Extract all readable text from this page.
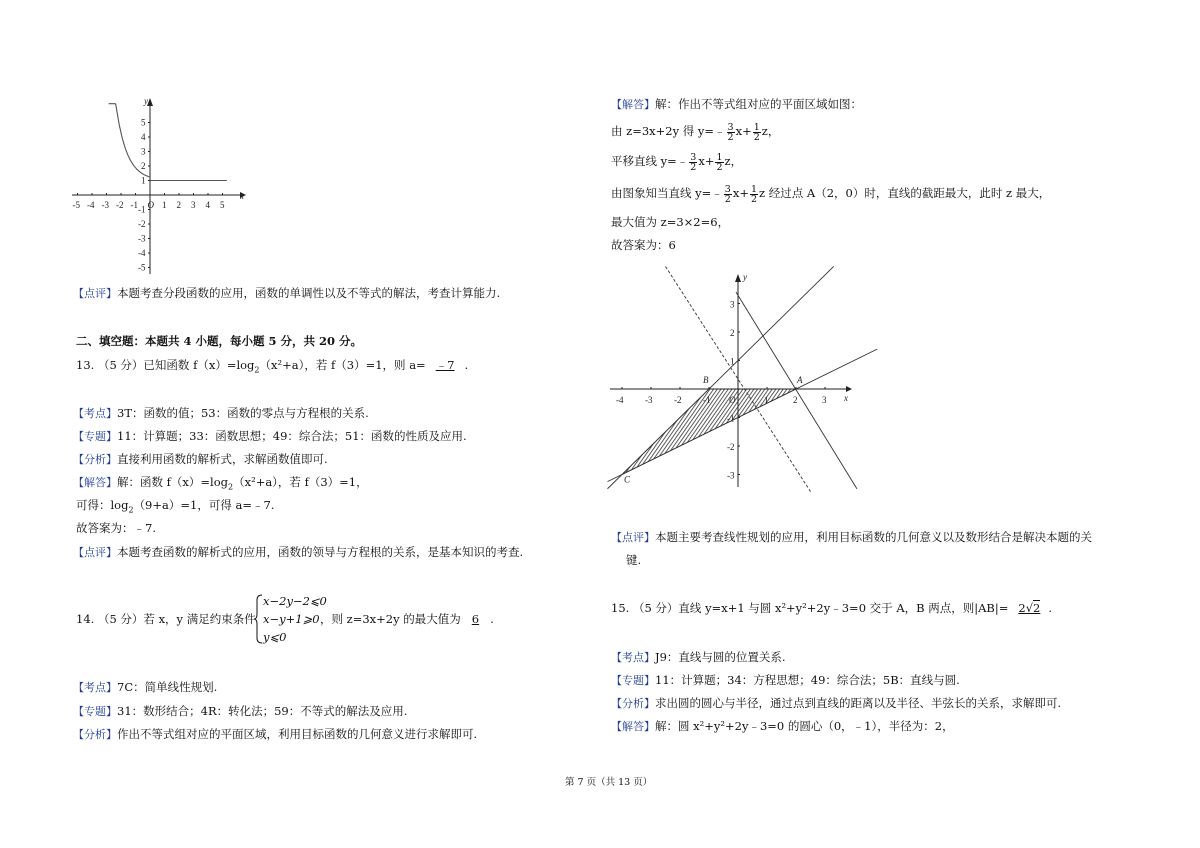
x
y
-5 -4 -3 -2 -1 O 1 2 3 4 5
5
4
3
2
1
-1
-2
-3
-4
-5
【点评】本题考查分段函数的应用，函数的单调性以及不等式的解法，考查计算能力.
二、填空题：本题共 4 小题，每小题 5 分，共 20 分。
13. （5 分）已知函数 $f(x)=\log_2(x^2+a)$，若 f（3）=1，则 a= ﹣7 .
【考点】3T：函数的值；53：函数的零点与方程根的关系.
【专题】11：计算题；33：函数思想；49：综合法；51：函数的性质及应用.
【分析】直接利用函数的解析式，求解函数值即可.
【解答】解：函数 $f(x)=\log_2(x^2+a)$，若 f（3）=1，
可得：$\log_2(9+a)=1$，可得 a=﹣7.
故答案为：﹣7.
【点评】本题考查函数的解析式的应用，函数的领导与方程根的关系，是基本知识的考查.
14. （5 分）若 x，y 满足约束条件
x−2y−2⩽0
x−y+1⩾0
y⩽0
，则 z=3x+2y 的最大值为 6 .
【考点】7C：简单线性规划.
【专题】31：数形结合；4R：转化法；59：不等式的解法及应用.
【分析】作出不等式组对应的平面区域，利用目标函数的几何意义进行求解即可.
【解答】解：作出不等式组对应的平面区域如图：
由 z=3x+2y 得 y=﹣ $\frac{3}{2} x+ \frac{1}{2}$ z，
平移直线 y=﹣ $\frac{3}{2} x+ \frac{1}{2}$ z，
由图象知当直线 y=﹣ $\frac{3}{2} x+ \frac{1}{2}$ z 经过点 A（2，0）时，直线的截距最大，此时 z 最大，
最大值为 z=3×2=6，
故答案为：6
x
y
-4 -3 -2 -1 O	1	2	3
3
2
1
-1
-2
-3
A
B
C
【点评】本题主要考查线性规划的应用，利用目标函数的几何意义以及数形结合是解决本题的关
键.
15. （5 分）直线 y=x+1 与圆 x²+y²+2y﹣3=0 交于 A，B 两点，则|AB|= 2√2 .
【考点】J9：直线与圆的位置关系.
【专题】11：计算题；34：方程思想；49：综合法；5B：直线与圆.
【分析】求出圆的圆心与半径，通过点到直线的距离以及半径、半弦长的关系，求解即可.
【解答】解：圆 x²+y²+2y﹣3=0 的圆心（0，﹣1），半径为：2，
第 7 页（共 13 页）
